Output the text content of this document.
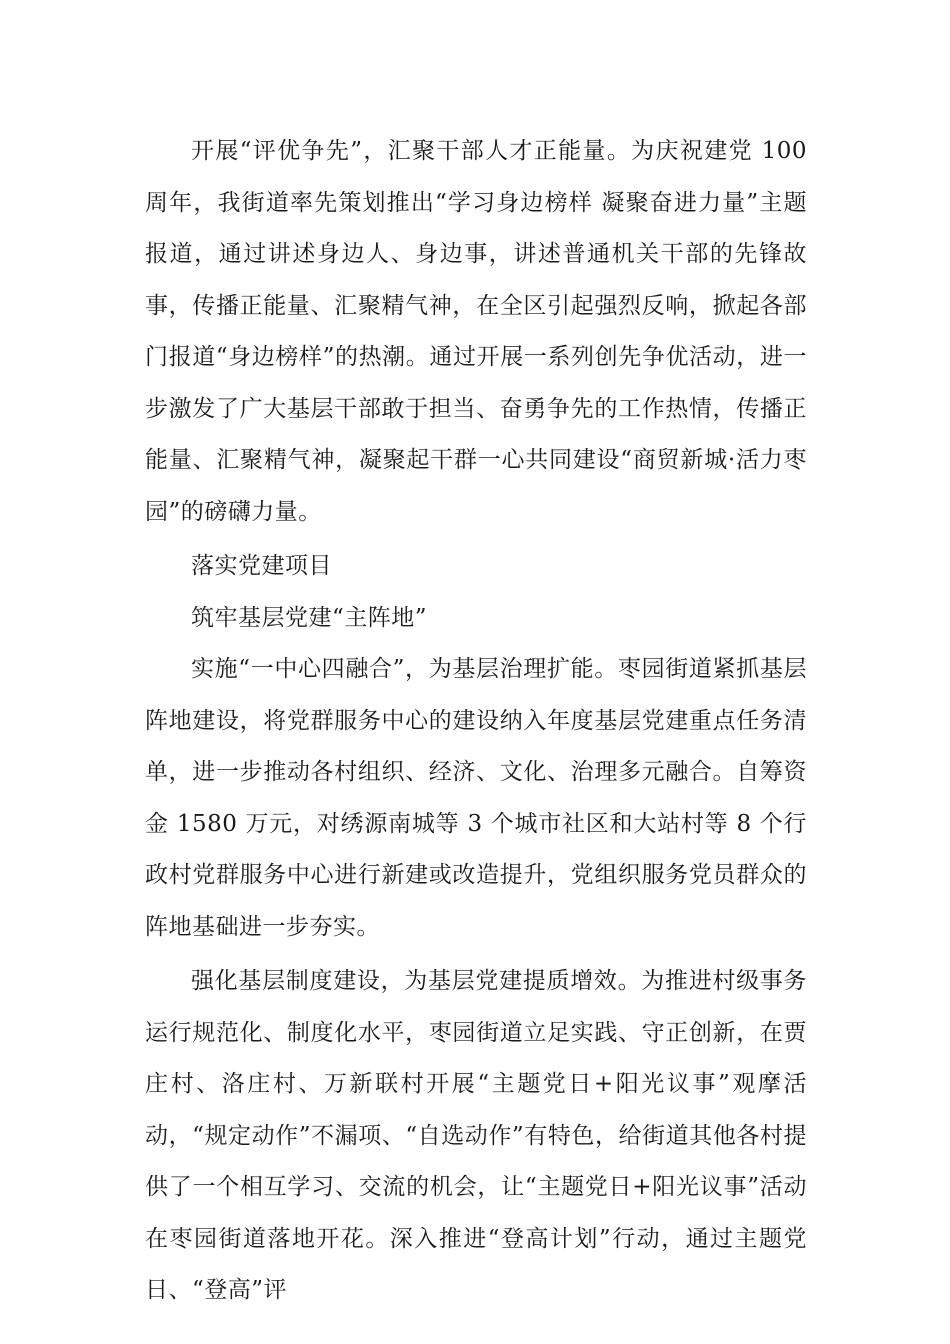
开展“评优争先”，汇聚干部人才正能量。为庆祝建党 100 周年，我街道率先策划推出“学习身边榜样 凝聚奋进力量”主题报道，通过讲述身边人、身边事，讲述普通机关干部的先锋故事，传播正能量、汇聚精气神，在全区引起强烈反响，掀起各部门报道“身边榜样”的热潮。通过开展一系列创先争优活动，进一步激发了广大基层干部敢于担当、奋勇争先的工作热情，传播正能量、汇聚精气神，凝聚起干群一心共同建设“商贸新城·活力枣园”的磅礴力量。

落实党建项目

筑牢基层党建“主阵地”

实施“一中心四融合”，为基层治理扩能。枣园街道紧抓基层阵地建设，将党群服务中心的建设纳入年度基层党建重点任务清单，进一步推动各村组织、经济、文化、治理多元融合。自筹资金 1580 万元，对绣源南城等 3 个城市社区和大站村等 8 个行政村党群服务中心进行新建或改造提升，党组织服务党员群众的阵地基础进一步夯实。

强化基层制度建设，为基层党建提质增效。为推进村级事务运行规范化、制度化水平，枣园街道立足实践、守正创新，在贾庄村、洛庄村、万新联村开展“主题党日+阳光议事”观摩活动，“规定动作”不漏项、“自选动作”有特色，给街道其他各村提供了一个相互学习、交流的机会，让“主题党日+阳光议事”活动在枣园街道落地开花。深入推进“登高计划”行动，通过主题党日、“登高”评
